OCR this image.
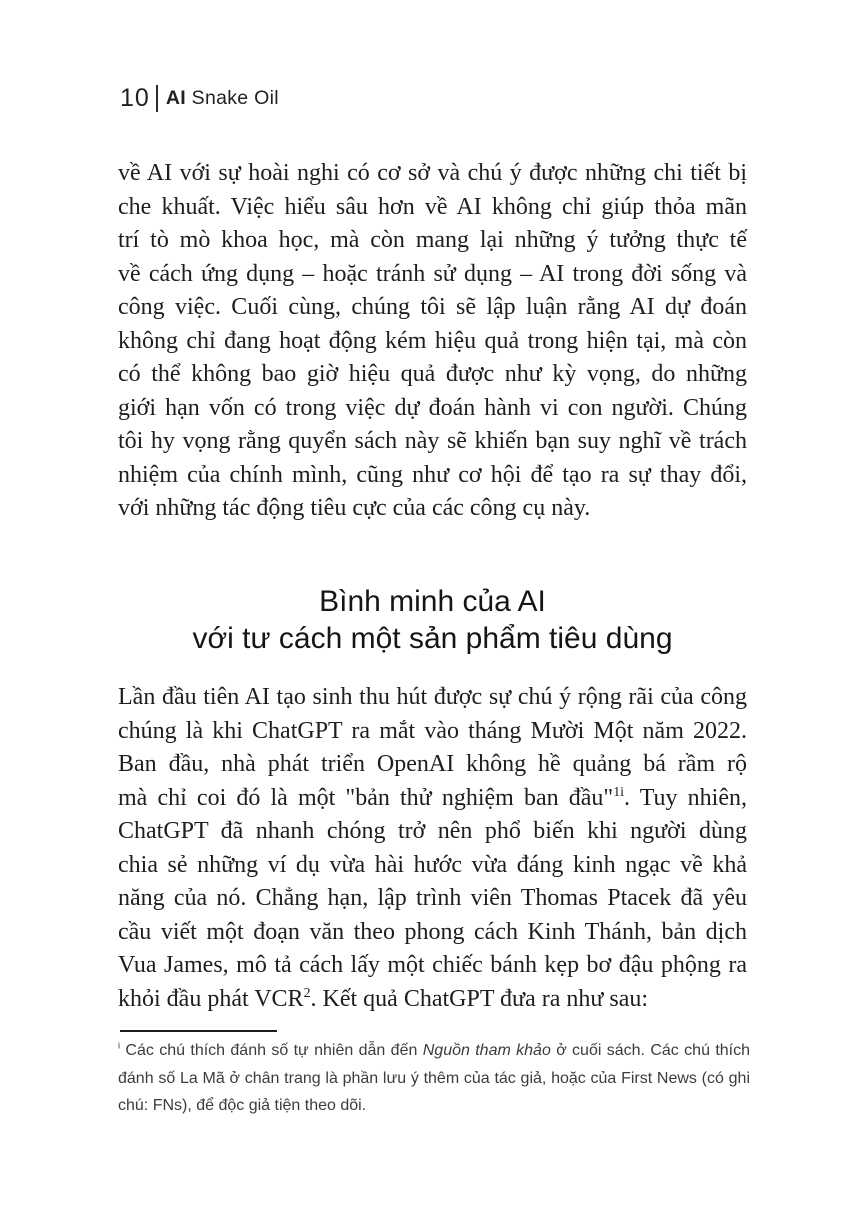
10 AI Snake Oil
về AI với sự hoài nghi có cơ sở và chú ý được những chi tiết bị
che khuất. Việc hiểu sâu hơn về AI không chỉ giúp thỏa mãn
trí tò mò khoa học, mà còn mang lại những ý tưởng thực tế
về cách ứng dụng – hoặc tránh sử dụng – AI trong đời sống và
công việc. Cuối cùng, chúng tôi sẽ lập luận rằng AI dự đoán
không chỉ đang hoạt động kém hiệu quả trong hiện tại, mà còn
có thể không bao giờ hiệu quả được như kỳ vọng, do những
giới hạn vốn có trong việc dự đoán hành vi con người. Chúng
tôi hy vọng rằng quyển sách này sẽ khiến bạn suy nghĩ về trách
nhiệm của chính mình, cũng như cơ hội để tạo ra sự thay đổi,
với những tác động tiêu cực của các công cụ này.
Bình minh của AI
với tư cách một sản phẩm tiêu dùng
Lần đầu tiên AI tạo sinh thu hút được sự chú ý rộng rãi của công
chúng là khi ChatGPT ra mắt vào tháng Mười Một năm 2022.
Ban đầu, nhà phát triển OpenAI không hề quảng bá rầm rộ
mà chỉ coi đó là một "bản thử nghiệm ban đầu"$^{1i}$. Tuy nhiên,
ChatGPT đã nhanh chóng trở nên phổ biến khi người dùng
chia sẻ những ví dụ vừa hài hước vừa đáng kinh ngạc về khả
năng của nó. Chẳng hạn, lập trình viên Thomas Ptacek đã yêu
cầu viết một đoạn văn theo phong cách Kinh Thánh, bản dịch
Vua James, mô tả cách lấy một chiếc bánh kẹp bơ đậu phộng ra
khỏi đầu phát VCR$^2$. Kết quả ChatGPT đưa ra như sau:
$^i$ Các chú thích đánh số tự nhiên dẫn đến Nguồn tham khảo ở cuối sách. Các chú thích
đánh số La Mã ở chân trang là phần lưu ý thêm của tác giả, hoặc của First News (có ghi
chú: FNs), để độc giả tiện theo dõi.
